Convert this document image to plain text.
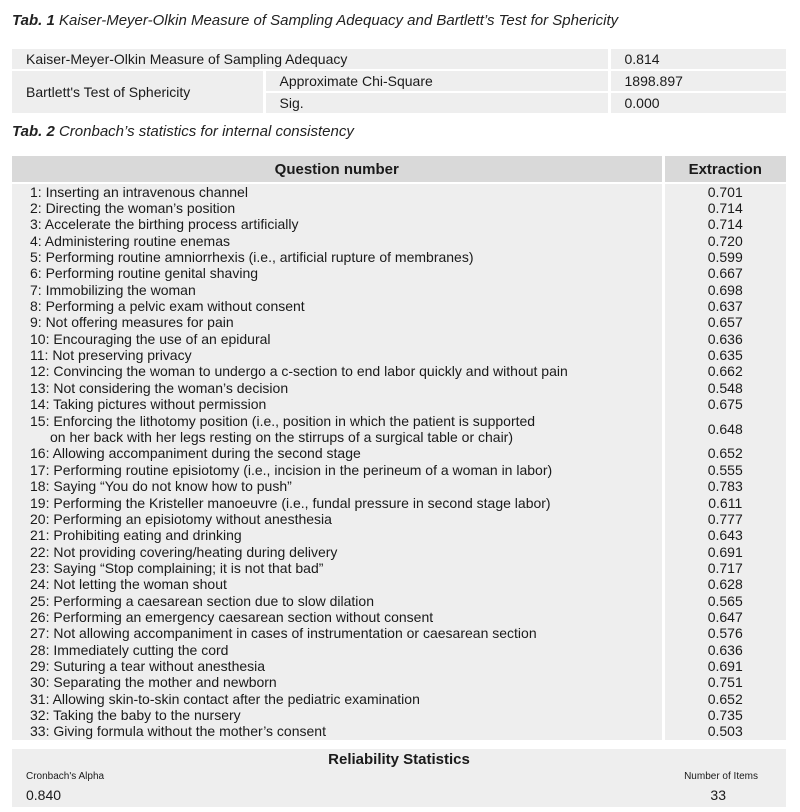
Tab. 1 Kaiser-Meyer-Olkin Measure of Sampling Adequacy and Bartlett’s Test for Sphericity
Kaiser-Meyer-Olkin Measure of Sampling Adequacy		0.814
Bartlett's Test of Sphericity	Approximate Chi-Square	1898.897
	Sig.	0.000
Tab. 2 Cronbach’s statistics for internal consistency
Question number	Extraction
1: Inserting an intravenous channel	0.701
2: Directing the woman’s position	0.714
3: Accelerate the birthing process artificially	0.714
4: Administering routine enemas	0.720
5: Performing routine amniorrhexis (i.e., artificial rupture of membranes)	0.599
6: Performing routine genital shaving	0.667
7: Immobilizing the woman	0.698
8: Performing a pelvic exam without consent	0.637
9: Not offering measures for pain	0.657
10: Encouraging the use of an epidural	0.636
11: Not preserving privacy	0.635
12: Convincing the woman to undergo a c-section to end labor quickly and without pain	0.662
13: Not considering the woman’s decision	0.548
14: Taking pictures without permission	0.675
15: Enforcing the lithotomy position (i.e., position in which the patient is supported
on her back with her legs resting on the stirrups of a surgical table or chair)	0.648
16: Allowing accompaniment during the second stage	0.652
17: Performing routine episiotomy (i.e., incision in the perineum of a woman in labor)	0.555
18: Saying “You do not know how to push”	0.783
19: Performing the Kristeller manoeuvre (i.e., fundal pressure in second stage labor)	0.611
20: Performing an episiotomy without anesthesia	0.777
21: Prohibiting eating and drinking	0.643
22: Not providing covering/heating during delivery	0.691
23: Saying “Stop complaining; it is not that bad”	0.717
24: Not letting the woman shout	0.628
25: Performing a caesarean section due to slow dilation	0.565
26: Performing an emergency caesarean section without consent	0.647
27: Not allowing accompaniment in cases of instrumentation or caesarean section	0.576
28: Immediately cutting the cord	0.636
29: Suturing a tear without anesthesia	0.691
30: Separating the mother and newborn	0.751
31: Allowing skin-to-skin contact after the pediatric examination	0.652
32: Taking the baby to the nursery	0.735
33: Giving formula without the mother’s consent	0.503
Reliability Statistics
Cronbach's Alpha	Number of Items
0.840	33
